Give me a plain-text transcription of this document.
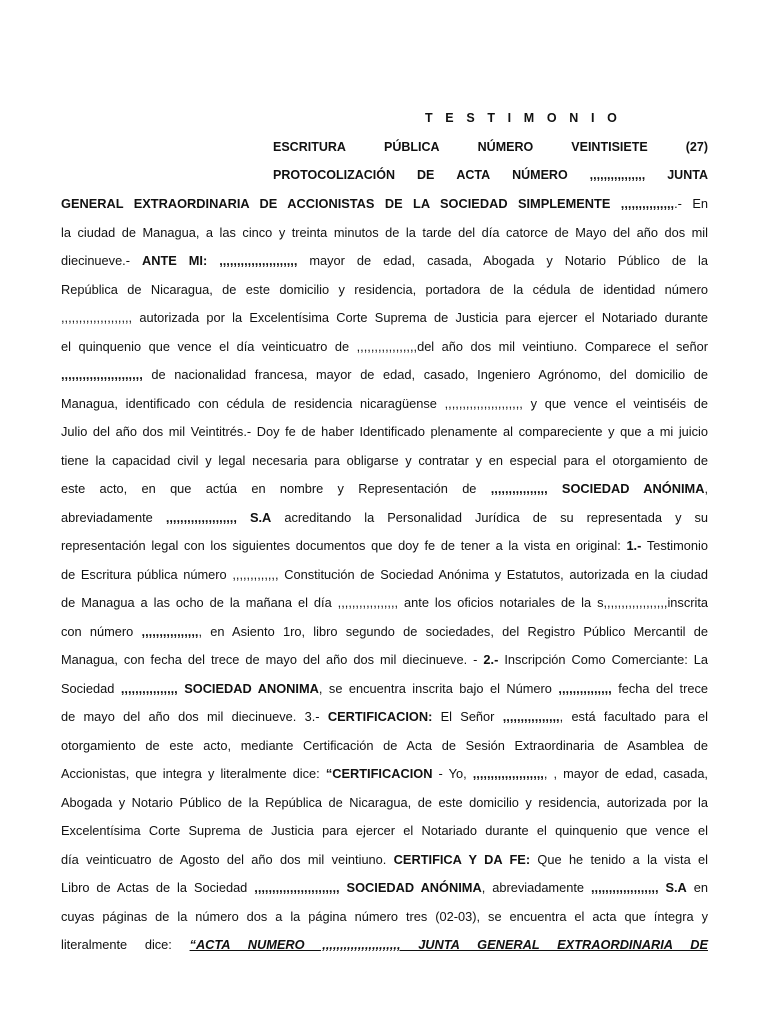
T E S T I M O N I O
ESCRITURA	PÚBLICA	NÚMERO	VEINTISIETE	(27)
PROTOCOLIZACIÓN DE ACTA NÚMERO ,,,,,,,,,,,,,,,, JUNTA
GENERAL EXTRAORDINARIA DE ACCIONISTAS DE LA SOCIEDAD SIMPLEMENTE ,,,,,,,,,,,,,,,.- En
la ciudad de Managua, a las cinco y treinta minutos de la tarde del día catorce de Mayo del año dos mil
diecinueve.- ANTE MI: ,,,,,,,,,,,,,,,,,,,,,, mayor de edad, casada, Abogada y Notario Público de la
República de Nicaragua, de este domicilio y residencia, portadora de la cédula de identidad número
,,,,,,,,,,,,,,,,,,,, autorizada por la Excelentísima Corte Suprema de Justicia para ejercer el Notariado durante
el quinquenio que vence el día veinticuatro de ,,,,,,,,,,,,,,,,,del año dos mil veintiuno. Comparece el señor
,,,,,,,,,,,,,,,,,,,,,,, de nacionalidad francesa, mayor de edad, casado, Ingeniero Agrónomo, del domicilio de
Managua, identificado con cédula de residencia nicaragüense ,,,,,,,,,,,,,,,,,,,,,, y que vence el veintiséis de
Julio del año dos mil Veintitrés.- Doy fe de haber Identificado plenamente al compareciente y que a mi juicio
tiene la capacidad civil y legal necesaria para obligarse y contratar y en especial para el otorgamiento de
este acto, en que actúa en nombre y Representación de ,,,,,,,,,,,,,,,, SOCIEDAD ANÓNIMA,
abreviadamente ,,,,,,,,,,,,,,,,,,,, S.A acreditando la Personalidad Jurídica de su representada y su
representación legal con los siguientes documentos que doy fe de tener a la vista en original: 1.- Testimonio
de Escritura pública número ,,,,,,,,,,,,, Constitución de Sociedad Anónima y Estatutos, autorizada en la ciudad
de Managua a las ocho de la mañana el día ,,,,,,,,,,,,,,,,, ante los oficios notariales de la s,,,,,,,,,,,,,,,,,,inscrita
con número ,,,,,,,,,,,,,,,,, en Asiento 1ro, libro segundo de sociedades, del Registro Público Mercantil de
Managua, con fecha del trece de mayo del año dos mil diecinueve. - 2.- Inscripción Como Comerciante: La
Sociedad ,,,,,,,,,,,,,,,, SOCIEDAD ANONIMA, se encuentra inscrita bajo el Número ,,,,,,,,,,,,,,, fecha del trece
de mayo del año dos mil diecinueve. 3.- CERTIFICACION: El Señor ,,,,,,,,,,,,,,,,, está facultado para el
otorgamiento de este acto, mediante Certificación de Acta de Sesión Extraordinaria de Asamblea de
Accionistas, que integra y literalmente dice: “CERTIFICACION - Yo, ,,,,,,,,,,,,,,,,,,,,, , mayor de edad, casada,
Abogada y Notario Público de la República de Nicaragua, de este domicilio y residencia, autorizada por la
Excelentísima Corte Suprema de Justicia para ejercer el Notariado durante el quinquenio que vence el
día veinticuatro de Agosto del año dos mil veintiuno. CERTIFICA Y DA FE: Que he tenido a la vista el
Libro de Actas de la Sociedad ,,,,,,,,,,,,,,,,,,,,,,,, SOCIEDAD ANÓNIMA, abreviadamente ,,,,,,,,,,,,,,,,,,, S.A en
cuyas páginas de la número dos a la página número tres (02-03), se encuentra el acta que íntegra y
literalmente dice: “ACTA NUMERO ,,,,,,,,,,,,,,,,,,,,,, JUNTA GENERAL EXTRAORDINARIA DE
